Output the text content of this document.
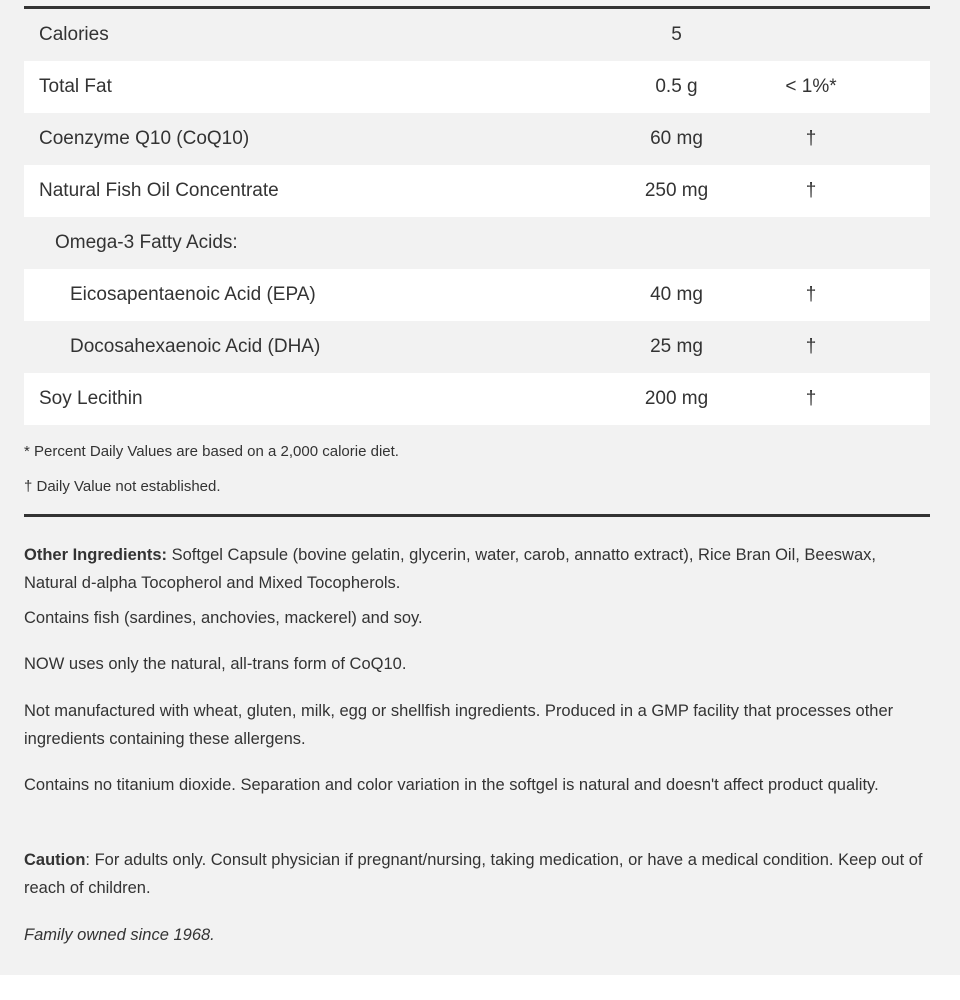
Calories	5
Total Fat	0.5 g	< 1%*
Coenzyme Q10 (CoQ10)	60 mg	†
Natural Fish Oil Concentrate	250 mg	†
Omega-3 Fatty Acids:
Eicosapentaenoic Acid (EPA)	40 mg	†
Docosahexaenoic Acid (DHA)	25 mg	†
Soy Lecithin	200 mg	†
* Percent Daily Values are based on a 2,000 calorie diet.
† Daily Value not established.
Other Ingredients: Softgel Capsule (bovine gelatin, glycerin, water, carob, annatto extract), Rice Bran Oil, Beeswax, Natural d-alpha Tocopherol and Mixed Tocopherols.
Contains fish (sardines, anchovies, mackerel) and soy.
NOW uses only the natural, all-trans form of CoQ10.
Not manufactured with wheat, gluten, milk, egg or shellfish ingredients. Produced in a GMP facility that processes other ingredients containing these allergens.
Contains no titanium dioxide. Separation and color variation in the softgel is natural and doesn't affect product quality.
Caution: For adults only. Consult physician if pregnant/nursing, taking medication, or have a medical condition. Keep out of reach of children.
Family owned since 1968.
